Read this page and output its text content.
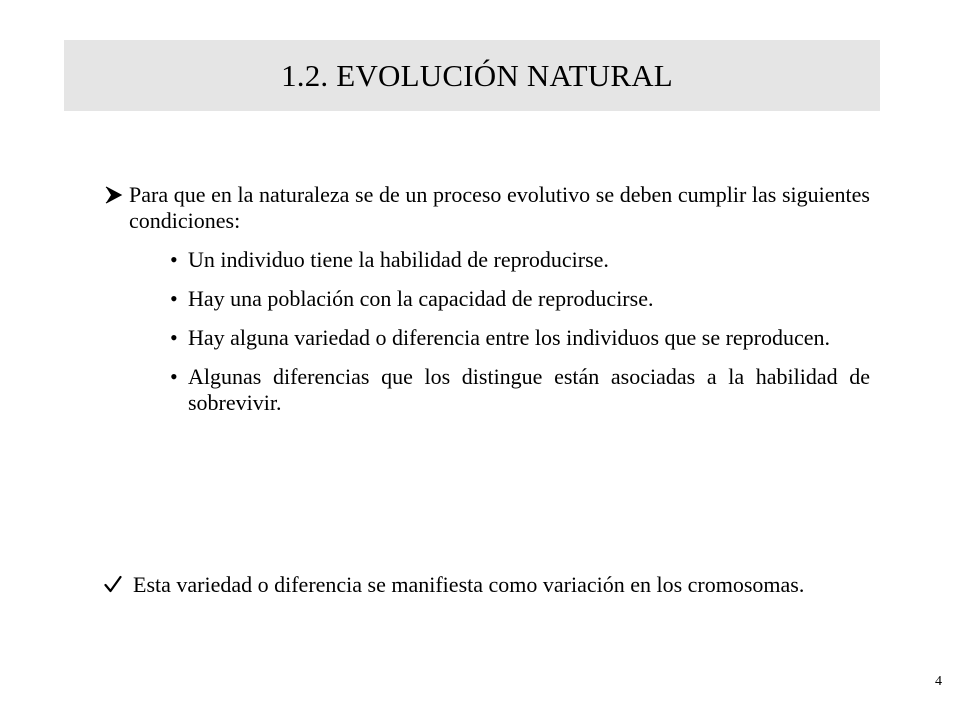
1.2. EVOLUCIÓN NATURAL
Para que en la naturaleza se de un proceso evolutivo se deben cumplir las siguientes condiciones:
• Un individuo tiene la habilidad de reproducirse.
• Hay una población con la capacidad de reproducirse.
• Hay alguna variedad o diferencia entre los individuos que se reproducen.
• Algunas diferencias que los distingue están asociadas a la habilidad de sobrevivir.
Esta variedad o diferencia se manifiesta como variación en los cromosomas.
4
